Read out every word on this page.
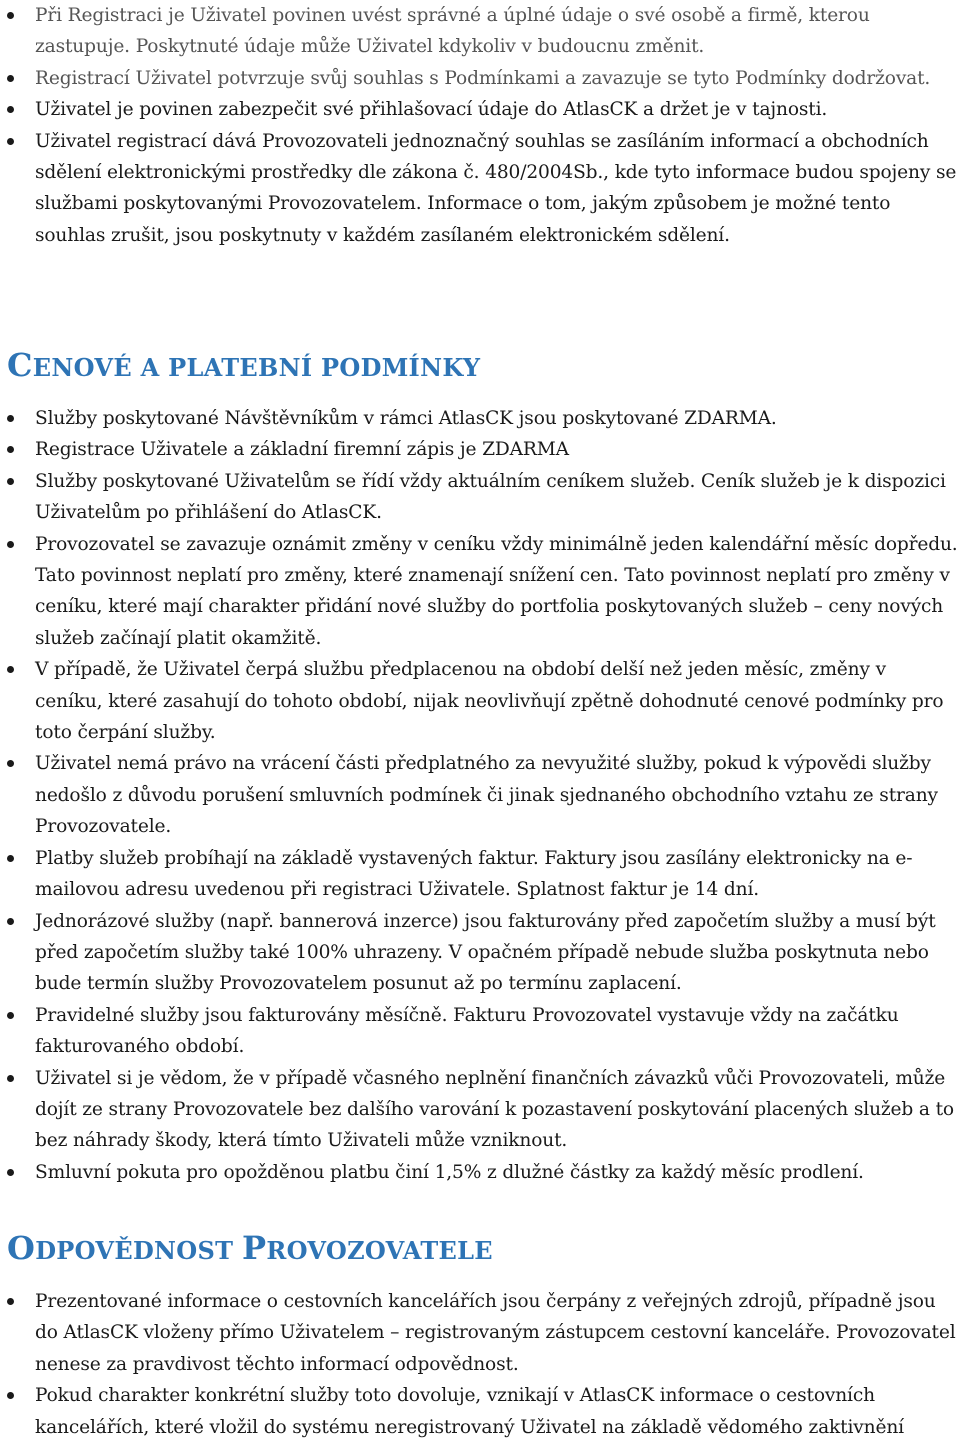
Při Registraci je Uživatel povinen uvést správné a úplné údaje o své osobě a firmě, kterou zastupuje. Poskytnuté údaje může Uživatel kdykoliv v budoucnu změnit.
Registrací Uživatel potvrzuje svůj souhlas s Podmínkami a zavazuje se tyto Podmínky dodržovat.
Uživatel je povinen zabezpečit své přihlašovací údaje do AtlasCK a držet je v tajnosti.
Uživatel registrací dává Provozovateli jednoznačný souhlas se zasíláním informací a obchodních sdělení elektronickými prostředky dle zákona č. 480/2004Sb., kde tyto informace budou spojeny se službami poskytovanými Provozovatelem. Informace o tom, jakým způsobem je možné tento souhlas zrušit, jsou poskytnuty v každém zasílaném elektronickém sdělení.
CENOVÉ A PLATEBNÍ PODMÍNKY
Služby poskytované Návštěvníkům v rámci AtlasCK jsou poskytované ZDARMA.
Registrace Uživatele a základní firemní zápis je ZDARMA
Služby poskytované Uživatelům se řídí vždy aktuálním ceníkem služeb. Ceník služeb je k dispozici Uživatelům po přihlášení do AtlasCK.
Provozovatel se zavazuje oznámit změny v ceníku vždy minimálně jeden kalendářní měsíc dopředu. Tato povinnost neplatí pro změny, které znamenají snížení cen. Tato povinnost neplatí pro změny v ceníku, které mají charakter přidání nové služby do portfolia poskytovaných služeb – ceny nových služeb začínají platit okamžitě.
V případě, že Uživatel čerpá službu předplacenou na období delší než jeden měsíc, změny v ceníku, které zasahují do tohoto období, nijak neovlivňují zpětně dohodnuté cenové podmínky pro toto čerpání služby.
Uživatel nemá právo na vrácení části předplatného za nevyužité služby, pokud k výpovědi služby nedošlo z důvodu porušení smluvních podmínek či jinak sjednaného obchodního vztahu ze strany Provozovatele.
Platby služeb probíhají na základě vystavených faktur. Faktury jsou zasílány elektronicky na e-mailovou adresu uvedenou při registraci Uživatele. Splatnost faktur je 14 dní.
Jednorázové služby (např. bannerová inzerce) jsou fakturovány před započetím služby a musí být před započetím služby také 100% uhrazeny. V opačném případě nebude služba poskytnuta nebo bude termín služby Provozovatelem posunut až po termínu zaplacení.
Pravidelné služby jsou fakturovány měsíčně. Fakturu Provozovatel vystavuje vždy na začátku fakturovaného období.
Uživatel si je vědom, že v případě včasného neplnění finančních závazků vůči Provozovateli, může dojít ze strany Provozovatele bez dalšího varování k pozastavení poskytování placených služeb a to bez náhrady škody, která tímto Uživateli může vzniknout.
Smluvní pokuta pro opožděnou platbu činí 1,5% z dlužné částky za každý měsíc prodlení.
ODPOVĚDNOST PROVOZOVATELE
Prezentované informace o cestovních kancelářích jsou čerpány z veřejných zdrojů, případně jsou do AtlasCK vloženy přímo Uživatelem – registrovaným zástupcem cestovní kanceláře. Provozovatel nenese za pravdivost těchto informací odpovědnost.
Pokud charakter konkrétní služby toto dovoluje, vznikají v AtlasCK informace o cestovních kancelářích, které vložil do systému neregistrovaný Uživatel na základě vědomého zaktivnění
